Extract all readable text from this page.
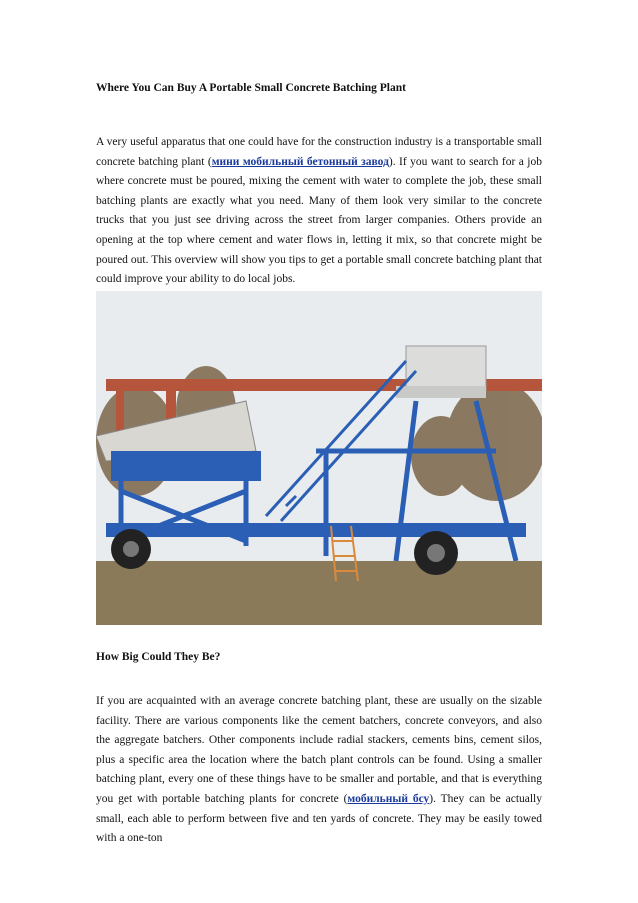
Where You Can Buy A Portable Small Concrete Batching Plant

A very useful apparatus that one could have for the construction industry is a transportable small concrete batching plant (мини мобильный бетонный завод). If you want to search for a job where concrete must be poured, mixing the cement with water to complete the job, these small batching plants are exactly what you need. Many of them look very similar to the concrete trucks that you just see driving across the street from larger companies. Others provide an opening at the top where cement and water flows in, letting it mix, so that concrete might be poured out. This overview will show you tips to get a portable small concrete batching plant that could improve your ability to do local jobs.

How Big Could They Be?

If you are acquainted with an average concrete batching plant, these are usually on the sizable facility. There are various components like the cement batchers, concrete conveyors, and also the aggregate batchers. Other components include radial stackers, cements bins, cement silos, plus a specific area the location where the batch plant controls can be found. Using a smaller batching plant, every one of these things have to be smaller and portable, and that is everything you get with portable batching plants for concrete (мобильный бсу). They can be actually small, each able to perform between five and ten yards of concrete. They may be easily towed with a one-ton
